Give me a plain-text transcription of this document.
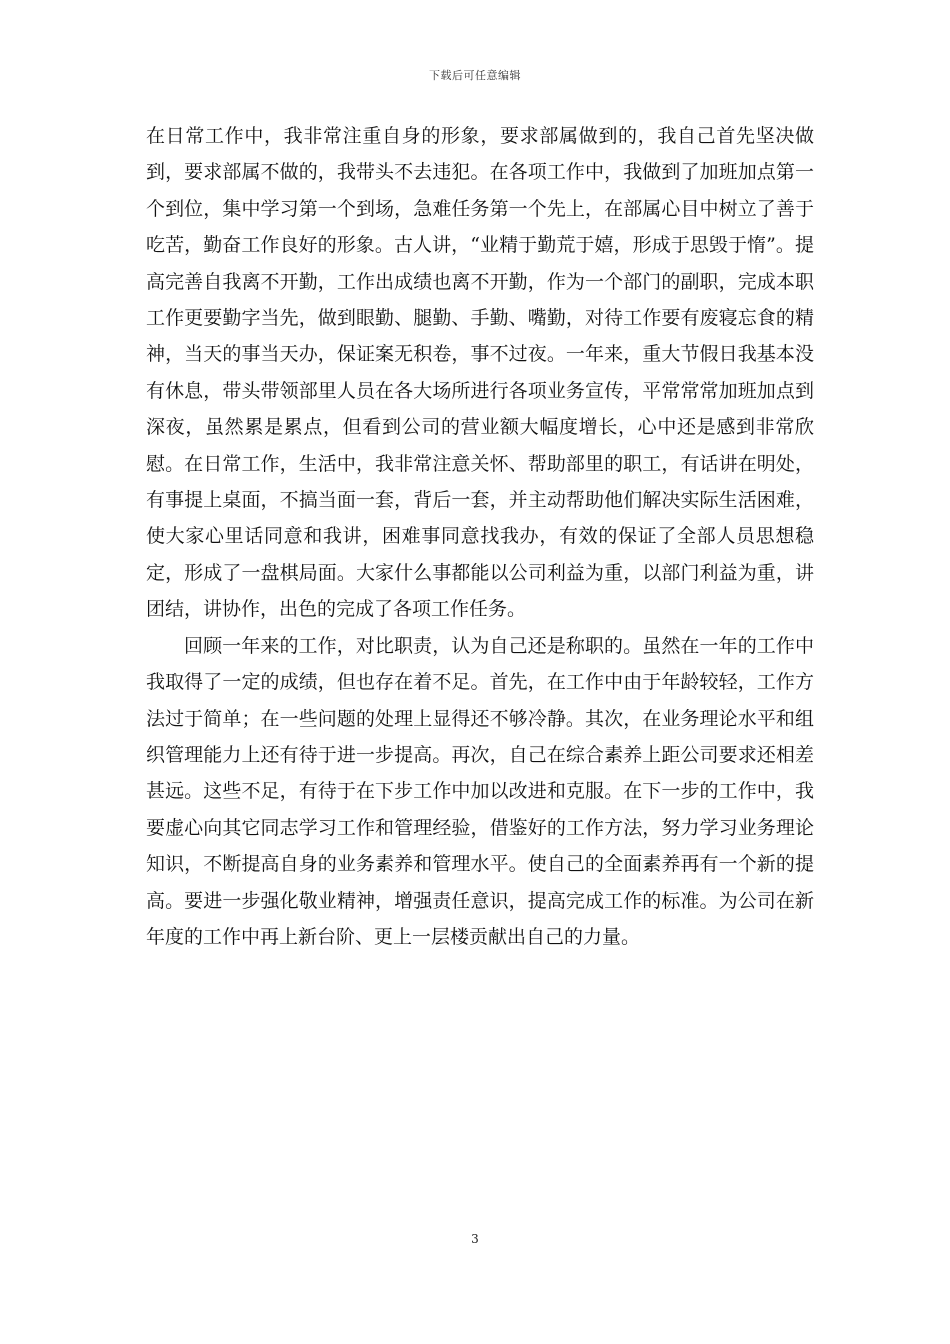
下载后可任意编辑

在日常工作中，我非常注重自身的形象，要求部属做到的，我自己首先坚决做到，要求部属不做的，我带头不去违犯。在各项工作中，我做到了加班加点第一个到位，集中学习第一个到场，急难任务第一个先上，在部属心目中树立了善于吃苦，勤奋工作良好的形象。古人讲，“业精于勤荒于嬉，形成于思毁于惰”。提高完善自我离不开勤，工作出成绩也离不开勤，作为一个部门的副职，完成本职工作更要勤字当先，做到眼勤、腿勤、手勤、嘴勤，对待工作要有废寝忘食的精神，当天的事当天办，保证案无积卷，事不过夜。一年来，重大节假日我基本没有休息，带头带领部里人员在各大场所进行各项业务宣传，平常常常加班加点到深夜，虽然累是累点，但看到公司的营业额大幅度增长，心中还是感到非常欣慰。在日常工作，生活中，我非常注意关怀、帮助部里的职工，有话讲在明处，有事提上桌面，不搞当面一套，背后一套，并主动帮助他们解决实际生活困难，使大家心里话同意和我讲，困难事同意找我办，有效的保证了全部人员思想稳定，形成了一盘棋局面。大家什么事都能以公司利益为重，以部门利益为重，讲团结，讲协作，出色的完成了各项工作任务。

回顾一年来的工作，对比职责，认为自己还是称职的。虽然在一年的工作中我取得了一定的成绩，但也存在着不足。首先，在工作中由于年龄较轻，工作方法过于简单；在一些问题的处理上显得还不够冷静。其次，在业务理论水平和组织管理能力上还有待于进一步提高。再次，自己在综合素养上距公司要求还相差甚远。这些不足，有待于在下步工作中加以改进和克服。在下一步的工作中，我要虚心向其它同志学习工作和管理经验，借鉴好的工作方法，努力学习业务理论知识，不断提高自身的业务素养和管理水平。使自己的全面素养再有一个新的提高。要进一步强化敬业精神，增强责任意识，提高完成工作的标准。为公司在新年度的工作中再上新台阶、更上一层楼贡献出自己的力量。

3
